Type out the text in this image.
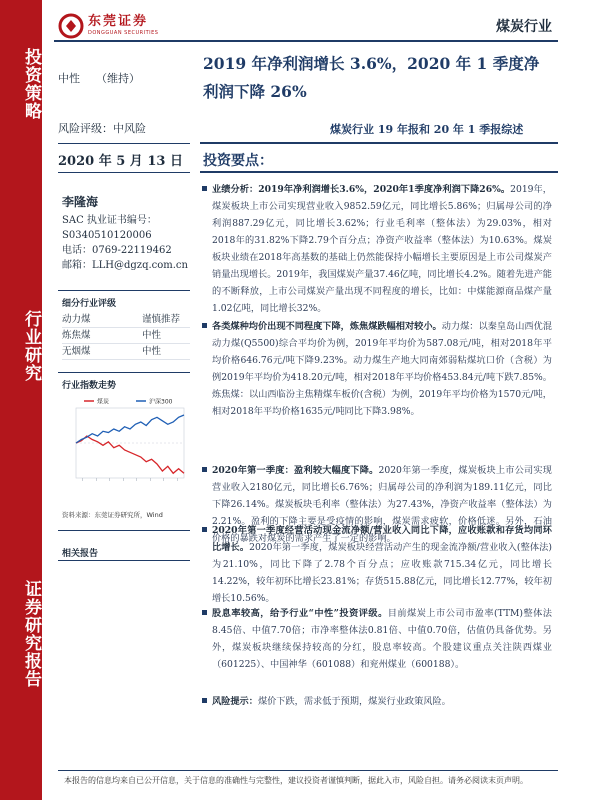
投资策略
行业研究
证券研究报告
东莞证券
DONGGUAN SECURITIES	煤炭行业
中性 （维持）
风险评级：中风险
2020 年 5 月 13 日
李隆海
SAC 执业证书编号：
S0340510120006
电话：0769-22119462
邮箱：LLH@dgzq.com.cn
细分行业评级
动力煤	谨慎推荐
炼焦煤	中性
无烟煤	中性
行业指数走势
煤炭	沪深300
资料来源：东莞证券研究所，Wind
相关报告
2019 年净利润增长 3.6%，2020 年 1 季度净利润下降 26%
煤炭行业 19 年报和 20 年 1 季报综述
投资要点：
业绩分析：2019年净利润增长3.6%，2020年1季度净利润下降26%。2019年，煤炭板块上市公司实现营业收入9852.59亿元，同比增长5.86%；归属母公司的净利润887.29亿元，同比增长3.62%；行业毛利率（整体法）为29.03%，相对2018年的31.82%下降2.79个百分点；净资产收益率（整体法）为10.63%。煤炭板块业绩在2018年高基数的基础上仍然能保持小幅增长主要原因是上市公司煤炭产销量出现增长。2019年，我国煤炭产量37.46亿吨，同比增长4.2%。随着先进产能的不断释放，上市公司煤炭产量出现不同程度的增长，比如：中煤能源商品煤产量1.02亿吨，同比增长32%。
各类煤种均价出现不同程度下降，炼焦煤跌幅相对较小。动力煤：以秦皇岛山西优混动力煤(Q5500)综合平均价为例，2019年平均价为587.08元/吨，相对2018年平均价格646.76元/吨下降9.23%。动力煤生产地大同南郊弱粘煤坑口价（含税）为例2019年平均价为418.20元/吨，相对2018年平均价格453.84元/吨下跌7.85%。炼焦煤：以山西临汾主焦精煤车板价(含税）为例，2019年平均价格为1570元/吨，相对2018年平均价格1635元/吨同比下降3.98%。
2020年第一季度：盈利较大幅度下降。2020年第一季度，煤炭板块上市公司实现营业收入2180亿元，同比增长6.76%；归属母公司的净利润为189.11亿元，同比下降26.14%。煤炭板块毛利率（整体法）为27.43%，净资产收益率（整体法）为2.21%。盈利的下降主要是受疫情的影响，煤炭需求疲软，价格低迷。另外，石油价格的暴跌对煤炭的需求产生了一定的影响。
2020年第一季度经营活动现金流净额/营业收入同比下降，应收账款和存货均同环比增长。2020年第一季度，煤炭板块经营活动产生的现金流净额/营业收入(整体法)为21.10%，同比下降了2.78个百分点；应收账款715.34亿元，同比增长14.22%，较年初环比增长23.81%；存货515.88亿元，同比增长12.77%，较年初增长10.56%。
股息率较高，给予行业“中性”投资评级。目前煤炭上市公司市盈率(TTM)整体法8.45倍、中值7.70倍；市净率整体法0.81倍、中值0.70倍，估值仍具备优势。另外，煤炭板块继续保持较高的分红，股息率较高。个股建议重点关注陕西煤业（601225）、中国神华（601088）和兖州煤业（600188）。
风险提示：煤价下跌，需求低于预期，煤炭行业政策风险。
本报告的信息均来自已公开信息，关于信息的准确性与完整性，建议投资者谨慎判断，据此入市，风险自担。请务必阅读末页声明。
